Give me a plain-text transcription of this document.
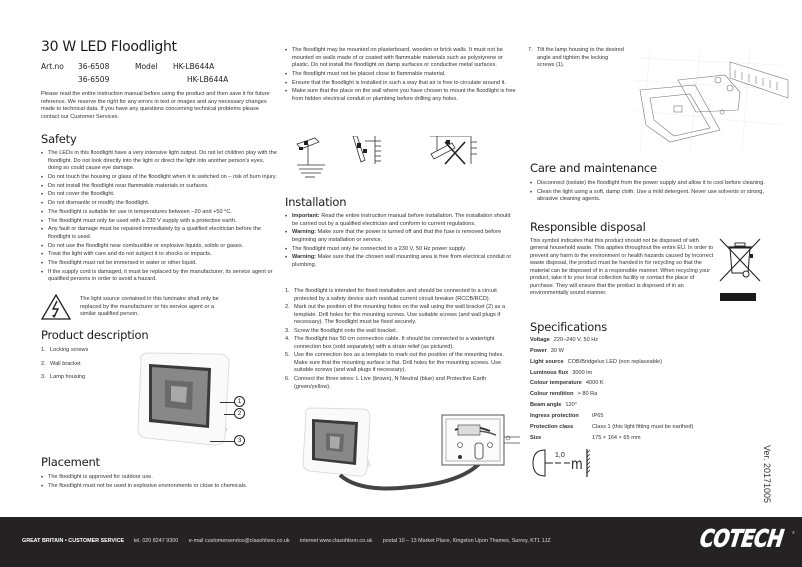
30 W LED Floodlight
Art.no 36-6508	Model HK-LB644A
36-6509	HK-LB644A

Please read the entire instruction manual before using the product and then save it for future reference. We reserve the right for any errors in text or images and any necessary changes made to technical data. If you have any questions concerning technical problems please contact our Customer Services.

Safety
• The LEDs in this floodlight have a very intensive light output. Do not let children play with the floodlight. Do not look directly into the light or direct the light into another person's eyes, doing so could cause eye damage.
• Do not touch the housing or glass of the floodlight when it is switched on – risk of burn injury.
• Do not install the floodlight near flammable materials or surfaces.
• Do not cover the floodlight.
• Do not dismantle or modify the floodlight.
• The floodlight is suitable for use in temperatures between –20 and +50 °C.
• The floodlight must only be used with a 230 V supply with a protective earth.
• Any fault or damage must be repaired immediately by a qualified electrician before the floodlight is used.
• Do not use the floodlight near combustible or explosive liquids, solids or gases.
• Treat the light with care and do not subject it to shocks or impacts.
• The floodlight must not be immersed in water or other liquid.
• If the supply cord is damaged, it must be replaced by the manufacturer, its service agent or qualified persons in order to avoid a hazard.

The light source contained in this luminaire shall only be replaced by the manufacturer or his service agent or a similar qualified person.

Product description
1. Locking screws
2. Wall bracket
3. Lamp housing
1
2
3
Placement
• The floodlight is approved for outdoor use.
• The floodlight must not be used in explosive environments or close to chemicals.
• The floodlight may be mounted on plasterboard, wooden or brick walls. It must not be mounted on walls made of or coated with flammable materials such as polystyrene or plastic. Do not install the floodlight on damp surfaces or conductive metal surfaces.
• The floodlight must not be placed close to flammable material.
• Ensure that the floodlight is installed in such a way that air is free to circulate around it.
• Make sure that the place on the wall where you have chosen to mount the floodlight is free from hidden electrical conduit or plumbing before drilling any holes.
Installation
• Important: Read the entire instruction manual before installation. The installation should be carried out by a qualified electrician and conform to current regulations.
• Warning: Make sure that the power is turned off and that the fuse is removed before beginning any installation or service.
• The floodlight must only be connected to a 230 V, 50 Hz power supply.
• Warning: Make sure that the chosen wall mounting area is free from electrical conduit or plumbing.
1. The floodlight is intended for fixed installation and should be connected to a circuit protected by a safety device such residual current circuit breaker (RCCB/RCD).
2. Mark out the position of the mounting holes on the wall using the wall bracket (2) as a template. Drill holes for the mounting screws. Use suitable screws (and wall plugs if necessary). The floodlight must be fixed securely.
3. Screw the floodlight onto the wall bracket.
4. The floodlight has 50 cm connection cable. It should be connected to a watertight connection box (sold separately) with a strain relief (as pictured).
5. Use the connection box as a template to mark out the position of the mounting holes. Make sure that the mounting surface is flat. Drill holes for the mounting screws. Use suitable screws (and wall plugs if necessary).
6. Connect the three wires: L Live (brown), N Neutral (blue) and Protective Earth (green/yellow).
7. Tilt the lamp housing to the desired angle and tighten the locking screws (1).
Care and maintenance
• Disconnect (isolate) the floodlight from the power supply and allow it to cool before cleaning.
• Clean the light using a soft, damp cloth. Use a mild detergent. Never use solvents or strong, abrasive cleaning agents.
Responsible disposal

This symbol indicates that this product should not be disposed of with general household waste. This applies throughout the entire EU. In order to prevent any harm to the environment or health hazards caused by incorrect waste disposal, the product must be handed in for recycling so that the material can be disposed of in a responsible manner. When recycling your product, take it to your local collection facility or contact the place of purchase. They will ensure that the product is disposed of in an environmentally sound manner.

Specifications
Voltage 220–240 V, 50 Hz
Power 30 W
Light source COB/Bridgelux LED (non replaceable)
Luminous flux 3000 lm
Colour temperature 4000 K
Colour rendition > 80 Ra
Beam angle 120°
Ingress protection	IP65
Protection class	Class 1 (this light fitting must be earthed)
Size	175 × 164 × 65 mm
1,0 m	Ver. 20171005
GREAT BRITAIN • CUSTOMER SERVICE tel. 020 8247 9300 e-mail customerservice@clasohlson.co.uk internet www.clasohlson.co.uk postal 10 – 13 Market Place, Kingston Upon Thames, Surrey, KT1 1JZ	COTECH ®
